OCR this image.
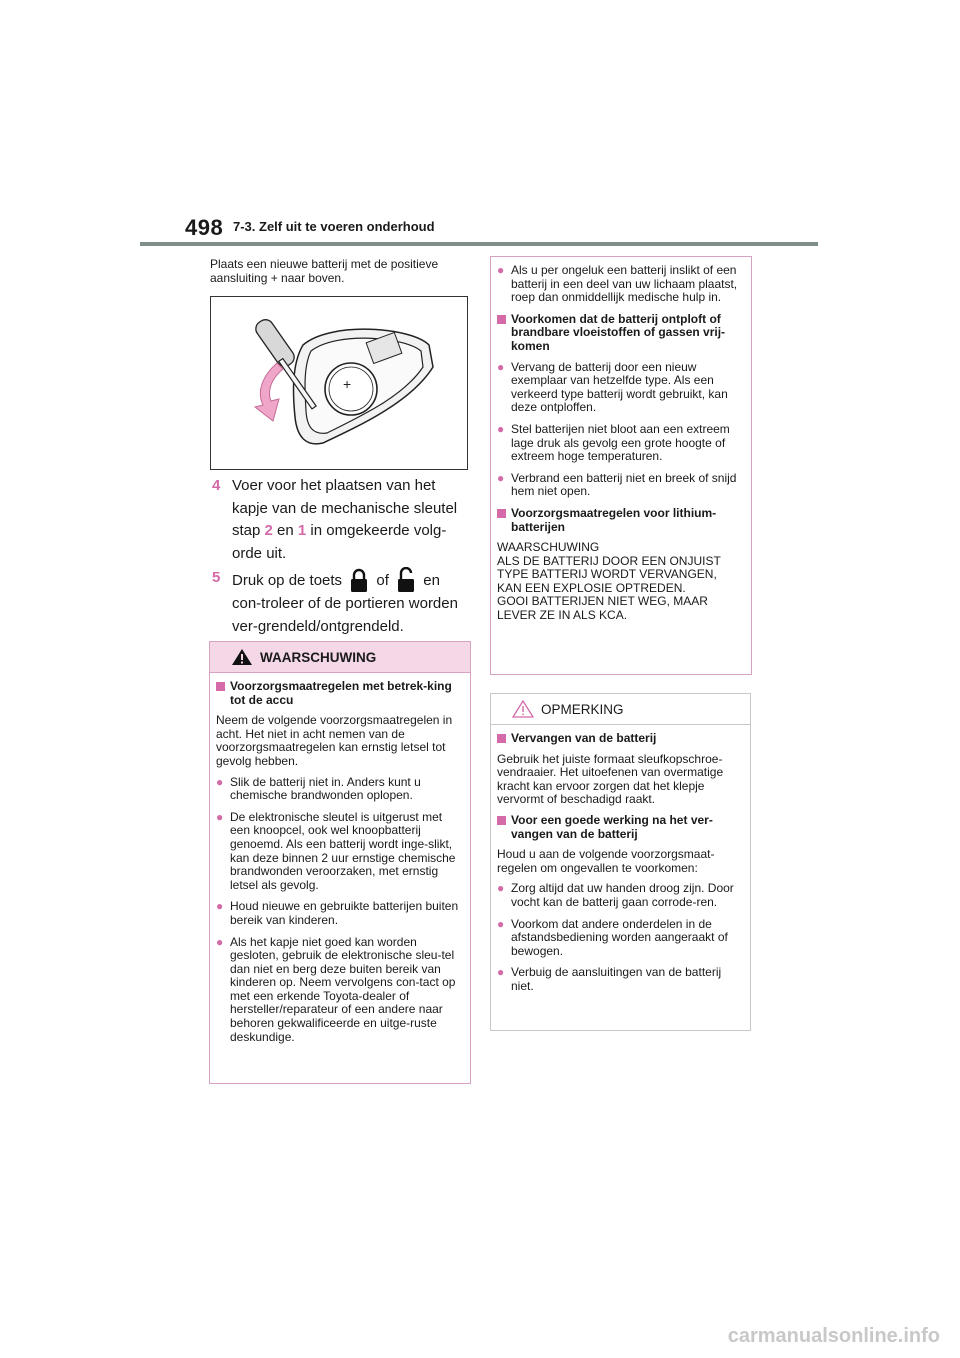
498 7-3. Zelf uit te voeren onderhoud
Plaats een nieuwe batterij met de positieve aansluiting + naar boven.
+
4 Voer voor het plaatsen van het kapje van de mechanische sleutel stap 2 en 1 in omgekeerde volg-orde uit.
5 Druk op de toets of en con-troleer of de portieren worden ver-grendeld/ontgrendeld.
WAARSCHUWING
Voorzorgsmaatregelen met betrek-king tot de accu
Neem de volgende voorzorgsmaatregelen in acht. Het niet in acht nemen van de voorzorgsmaatregelen kan ernstig letsel tot gevolg hebben.
● Slik de batterij niet in. Anders kunt u chemische brandwonden oplopen.
● De elektronische sleutel is uitgerust met een knoopcel, ook wel knoopbatterij genoemd. Als een batterij wordt inge-slikt, kan deze binnen 2 uur ernstige chemische brandwonden veroorzaken, met ernstig letsel als gevolg.
● Houd nieuwe en gebruikte batterijen buiten bereik van kinderen.
● Als het kapje niet goed kan worden gesloten, gebruik de elektronische sleu-tel dan niet en berg deze buiten bereik van kinderen op. Neem vervolgens con-tact op met een erkende Toyota-dealer of hersteller/reparateur of een andere naar behoren gekwalificeerde en uitge-ruste deskundige.
● Als u per ongeluk een batterij inslikt of een batterij in een deel van uw lichaam plaatst, roep dan onmiddellijk medische hulp in.
Voorkomen dat de batterij ontploft of brandbare vloeistoffen of gassen vrij-komen
● Vervang de batterij door een nieuw exemplaar van hetzelfde type. Als een verkeerd type batterij wordt gebruikt, kan deze ontploffen.
● Stel batterijen niet bloot aan een extreem lage druk als gevolg een grote hoogte of extreem hoge temperaturen.
● Verbrand een batterij niet en breek of snijd hem niet open.
Voorzorgsmaatregelen voor lithium-batterijen
WAARSCHUWING
ALS DE BATTERIJ DOOR EEN ONJUIST
TYPE BATTERIJ WORDT VERVANGEN,
KAN EEN EXPLOSIE OPTREDEN.
GOOI BATTERIJEN NIET WEG, MAAR
LEVER ZE IN ALS KCA.
OPMERKING
Vervangen van de batterij
Gebruik het juiste formaat sleufkopschroe-vendraaier. Het uitoefenen van overmatige kracht kan ervoor zorgen dat het klepje vervormt of beschadigd raakt.
Voor een goede werking na het ver-vangen van de batterij
Houd u aan de volgende voorzorgsmaat-regelen om ongevallen te voorkomen:
● Zorg altijd dat uw handen droog zijn. Door vocht kan de batterij gaan corrode-ren.
● Voorkom dat andere onderdelen in de afstandsbediening worden aangeraakt of bewogen.
● Verbuig de aansluitingen van de batterij niet.
carmanualsonline.info
